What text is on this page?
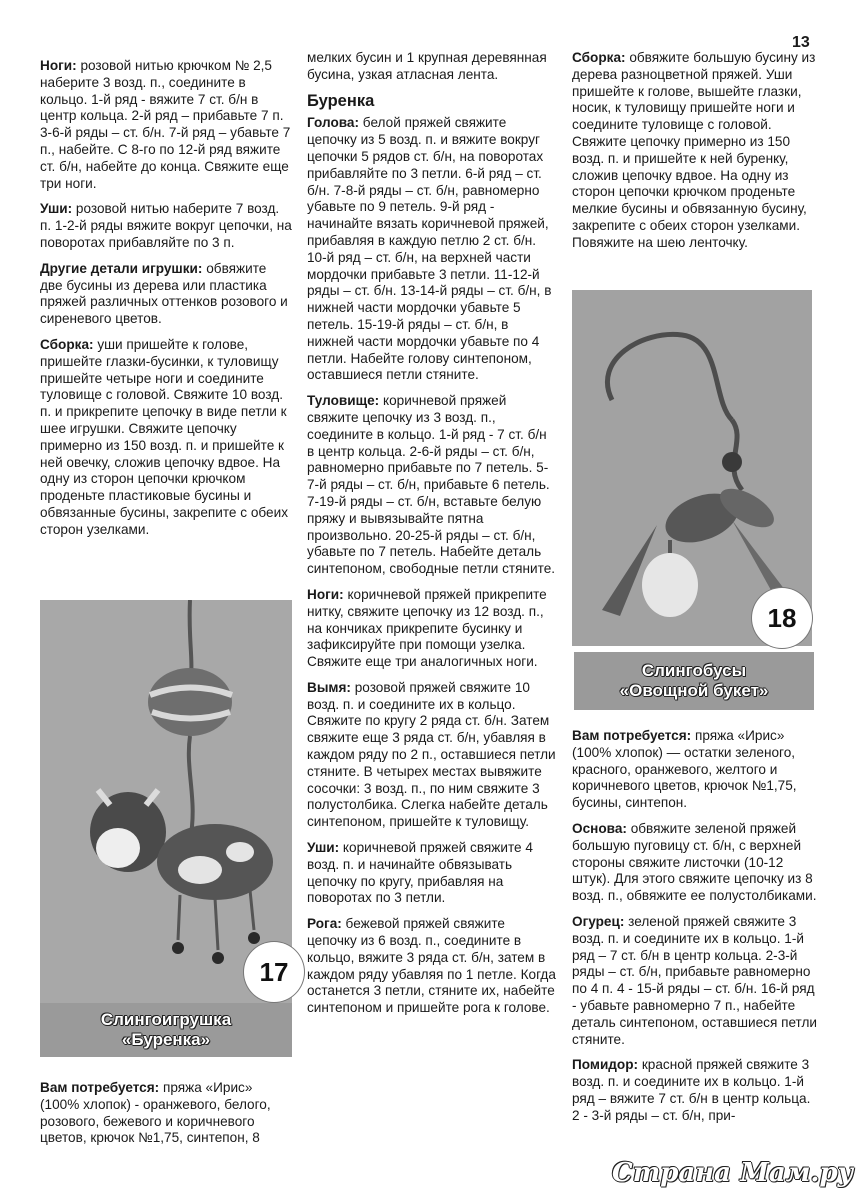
13

Ноги: розовой нитью крючком № 2,5 наберите 3 возд. п., соедините в кольцо. 1-й ряд - вяжите 7 ст. б/н в центр кольца. 2-й ряд – прибавьте 7 п. 3-6-й ряды – ст. б/н. 7-й ряд – убавьте 7 п., набейте. С 8-го по 12-й ряд вяжите ст. б/н, набейте до конца. Свяжите еще три ноги.

Уши: розовой нитью наберите 7 возд. п. 1-2-й ряды вяжите вокруг цепочки, на поворотах прибавляйте по 3 п.

Другие детали игрушки: обвяжите две бусины из дерева или пластика пряжей различных оттенков розового и сиреневого цветов.

Сборка: уши пришейте к голове, пришейте глазки-бусинки, к туловищу пришейте четыре ноги и соедините туловище с головой. Свяжите 10 возд. п. и прикрепите цепочку в виде петли к шее игрушки. Свяжите цепочку примерно из 150 возд. п. и пришейте к ней овечку, сложив цепочку вдвое. На одну из сторон цепочки крючком проденьте пластиковые бусины и обвязанные бусины, закрепите с обеих сторон узелками.

17
Слингоигрушка
«Буренка»

Вам потребуется: пряжа «Ирис» (100% хлопок) - оранжевого, белого, розового, бежевого и коричневого цветов, крючок №1,75, синтепон, 8

мелких бусин и 1 крупная деревянная бусина, узкая атласная лента.

Буренка

Голова: белой пряжей свяжите цепочку из 5 возд. п. и вяжите вокруг цепочки 5 рядов ст. б/н, на поворотах прибавляйте по 3 петли. 6-й ряд – ст. б/н. 7-8-й ряды – ст. б/н, равномерно убавьте по 9 петель. 9-й ряд - начинайте вязать коричневой пряжей, прибавляя в каждую петлю 2 ст. б/н. 10-й ряд – ст. б/н, на верхней части мордочки прибавьте 3 петли. 11-12-й ряды – ст. б/н. 13-14-й ряды – ст. б/н, в нижней части мордочки убавьте 5 петель. 15-19-й ряды – ст. б/н, в нижней части мордочки убавьте по 4 петли. Набейте голову синтепоном, оставшиеся петли стяните.

Туловище: коричневой пряжей свяжите цепочку из 3 возд. п., соедините в кольцо. 1-й ряд - 7 ст. б/н в центр кольца. 2-6-й ряды – ст. б/н, равномерно прибавьте по 7 петель. 5-7-й ряды – ст. б/н, прибавьте 6 петель. 7-19-й ряды – ст. б/н, вставьте белую пряжу и вывязывайте пятна произвольно. 20-25-й ряды – ст. б/н, убавьте по 7 петель. Набейте деталь синтепоном, свободные петли стяните.

Ноги: коричневой пряжей прикрепите нитку, свяжите цепочку из 12 возд. п., на кончиках прикрепите бусинку и зафиксируйте при помощи узелка. Свяжите еще три аналогичных ноги.

Вымя: розовой пряжей свяжите 10 возд. п. и соедините их в кольцо. Свяжите по кругу 2 ряда ст. б/н. Затем свяжите еще 3 ряда ст. б/н, убавляя в каждом ряду по 2 п., оставшиеся петли стяните. В четырех местах вывяжите сосочки: 3 возд. п., по ним свяжите 3 полустолбика. Слегка набейте деталь синтепоном, пришейте к туловищу.

Уши: коричневой пряжей свяжите 4 возд. п. и начинайте обвязывать цепочку по кругу, прибавляя на поворотах по 3 петли.

Рога: бежевой пряжей свяжите цепочку из 6 возд. п., соедините в кольцо, вяжите 3 ряда ст. б/н, затем в каждом ряду убавляя по 1 петле. Когда останется 3 петли, стяните их, набейте синтепоном и пришейте рога к голове.

Сборка: обвяжите большую бусину из дерева разноцветной пряжей. Уши пришейте к голове, вышейте глазки, носик, к туловищу пришейте ноги и соедините туловище с головой. Свяжите цепочку примерно из 150 возд. п. и пришейте к ней буренку, сложив цепочку вдвое. На одну из сторон цепочки крючком проденьте мелкие бусины и обвязанную бусину, закрепите с обеих сторон узелками. Повяжите на шею ленточку.

18
Слингобусы
«Овощной букет»

Вам потребуется: пряжа «Ирис» (100% хлопок) — остатки зеленого, красного, оранжевого, желтого и коричневого цветов, крючок №1,75, бусины, синтепон.

Основа: обвяжите зеленой пряжей большую пуговицу ст. б/н, с верхней стороны свяжите листочки (10-12 штук). Для этого свяжите цепочку из 8 возд. п., обвяжите ее полустолбиками.

Огурец: зеленой пряжей свяжите 3 возд. п. и соедините их в кольцо. 1-й ряд – 7 ст. б/н в центр кольца. 2-3-й ряды – ст. б/н, прибавьте равномерно по 4 п. 4 - 15-й ряды – ст. б/н. 16-й ряд - убавьте равномерно 7 п., набейте деталь синтепоном, оставшиеся петли стяните.

Помидор: красной пряжей свяжите 3 возд. п. и соедините их в кольцо. 1-й ряд – вяжите 7 ст. б/н в центр кольца. 2 - 3-й ряды – ст. б/н, при-

Страна Мам.ру
